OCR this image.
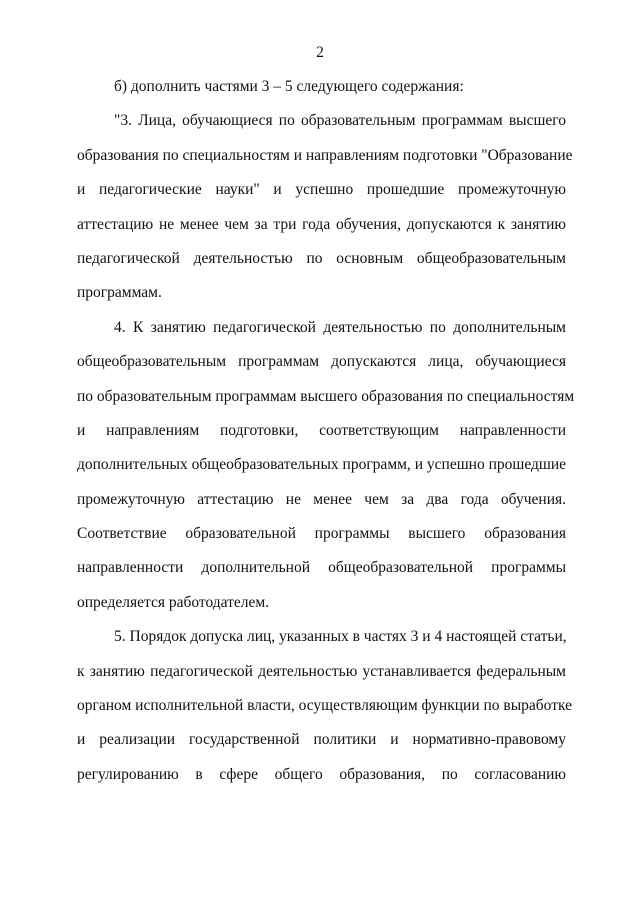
2
б) дополнить частями 3 – 5 следующего содержания:
"3. Лица, обучающиеся по образовательным программам высшего
образования по специальностям и направлениям подготовки "Образование
и педагогические науки" и успешно прошедшие промежуточную
аттестацию не менее чем за три года обучения, допускаются к занятию
педагогической деятельностью по основным общеобразовательным
программам.
4. К занятию педагогической деятельностью по дополнительным
общеобразовательным программам допускаются лица, обучающиеся
по образовательным программам высшего образования по специальностям
и направлениям подготовки, соответствующим направленности
дополнительных общеобразовательных программ, и успешно прошедшие
промежуточную аттестацию не менее чем за два года обучения.
Соответствие образовательной программы высшего образования
направленности дополнительной общеобразовательной программы
определяется работодателем.
5. Порядок допуска лиц, указанных в частях 3 и 4 настоящей статьи,
к занятию педагогической деятельностью устанавливается федеральным
органом исполнительной власти, осуществляющим функции по выработке
и реализации государственной политики и нормативно-правовому
регулированию в сфере общего образования, по согласованию
